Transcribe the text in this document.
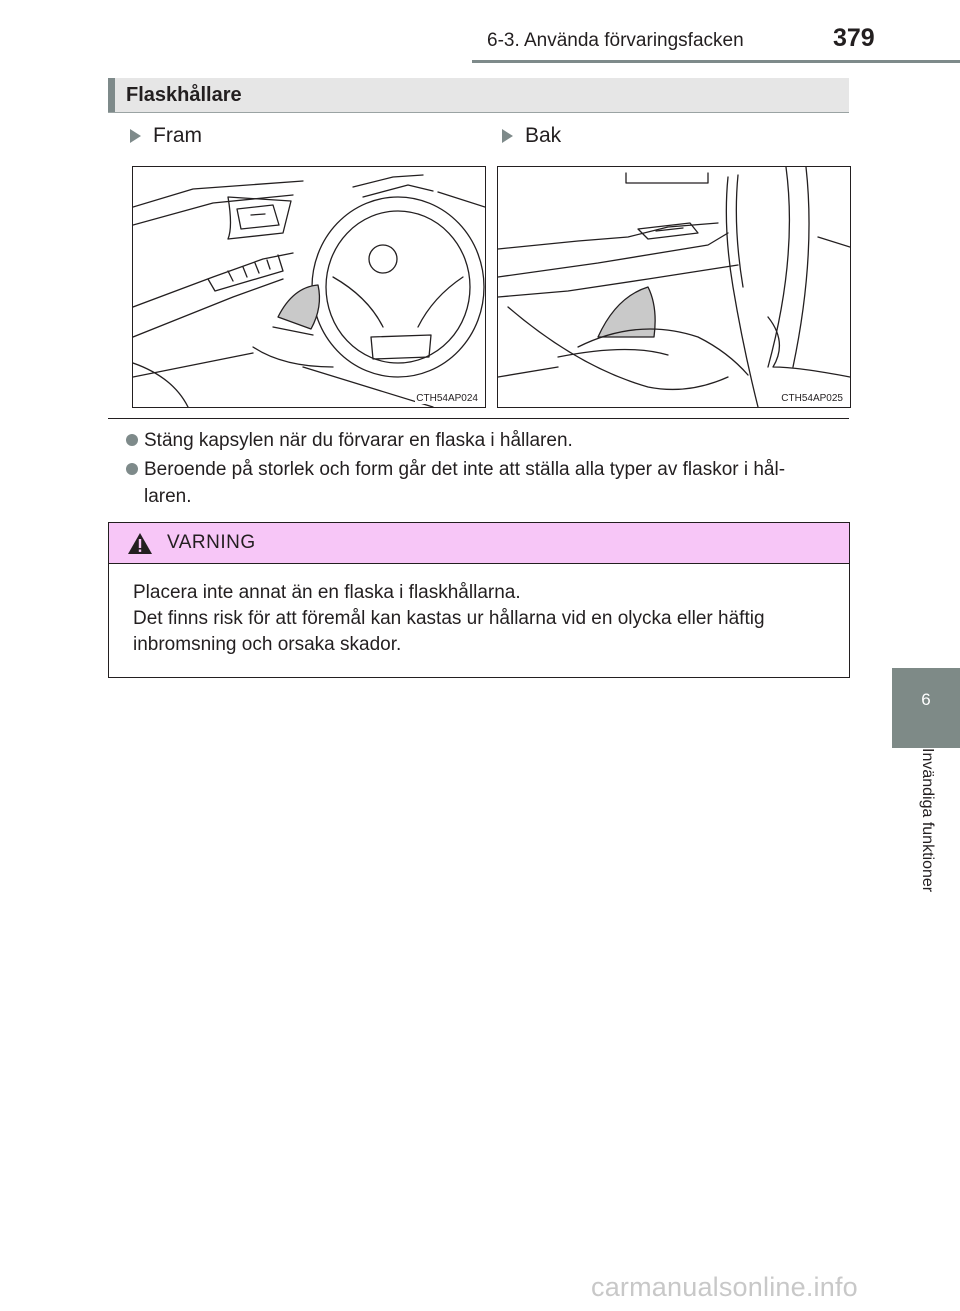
6-3. Använda förvaringsfacken	379
6
Invändiga funktioner
Flaskhållare
Fram	Bak
CTH54AP024	CTH54AP025
Stäng kapsylen när du förvarar en flaska i hållaren.
Beroende på storlek och form går det inte att ställa alla typer av flaskor i hål-
laren.
VARNING
Placera inte annat än en flaska i flaskhållarna.
Det finns risk för att föremål kan kastas ur hållarna vid en olycka eller häftig
inbromsning och orsaka skador.
carmanualsonline.info
